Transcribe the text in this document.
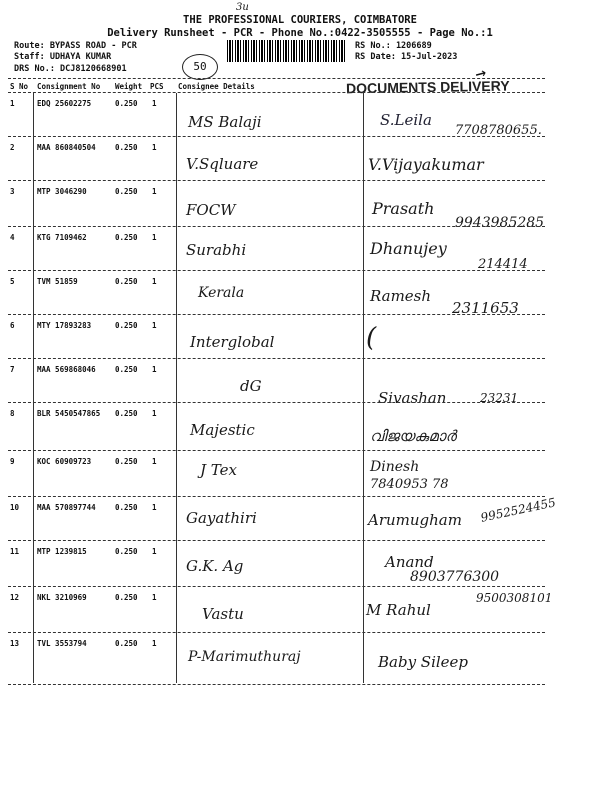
3u
THE PROFESSIONAL COURIERS, COIMBATORE
Delivery Runsheet - PCR - Phone No.:0422-3505555 - Page No.:1
Route: BYPASS ROAD - PCR
Staff: UDHAYA KUMAR
DRS No.: DCJ8120668901	50
RS No.: 1206689
RS Date: 15-Jul-2023
DOCUMENTS DELIVERY
↗
S No Consignment No Weight PCS Consignee Details
1	EDQ 25602275	0.250 1
MS Balaji	S.Leila
7708780655.
2	MAA 860840504	0.250 1
V.Sqluare	V.Vijayakumar
3	MTP 3046290	0.250 1
FOCW	Prasath
9943985285
4	KTG 7109462	0.250 1
Surabhi	Dhanujey
214414
5	TVM 51859	0.250 1
Kerala	Ramesh
2311653
6	MTY 17893283	0.250 1
Interglobal	(
7	MAA 569868046	0.250 1
dG
Sivashan	23231
8	BLR 5450547865 0.250 1
Majestic	വിജയകുമാർ
9	KOC 60909723	0.250 1	J Tex	Dinesh
7840953 78
10 MAA 570897744	0.250 1
Gayathiri	Arumugham 9952524455
11 MTP 1239815	0.250 1
G.K. Ag	Anand
8903776300
12 NKL 3210969	0.250 1
Vastu	M Rahul
9500308101
13 TVL 3553794	0.250 1
P-Marimuthuraj	Baby Sileep
